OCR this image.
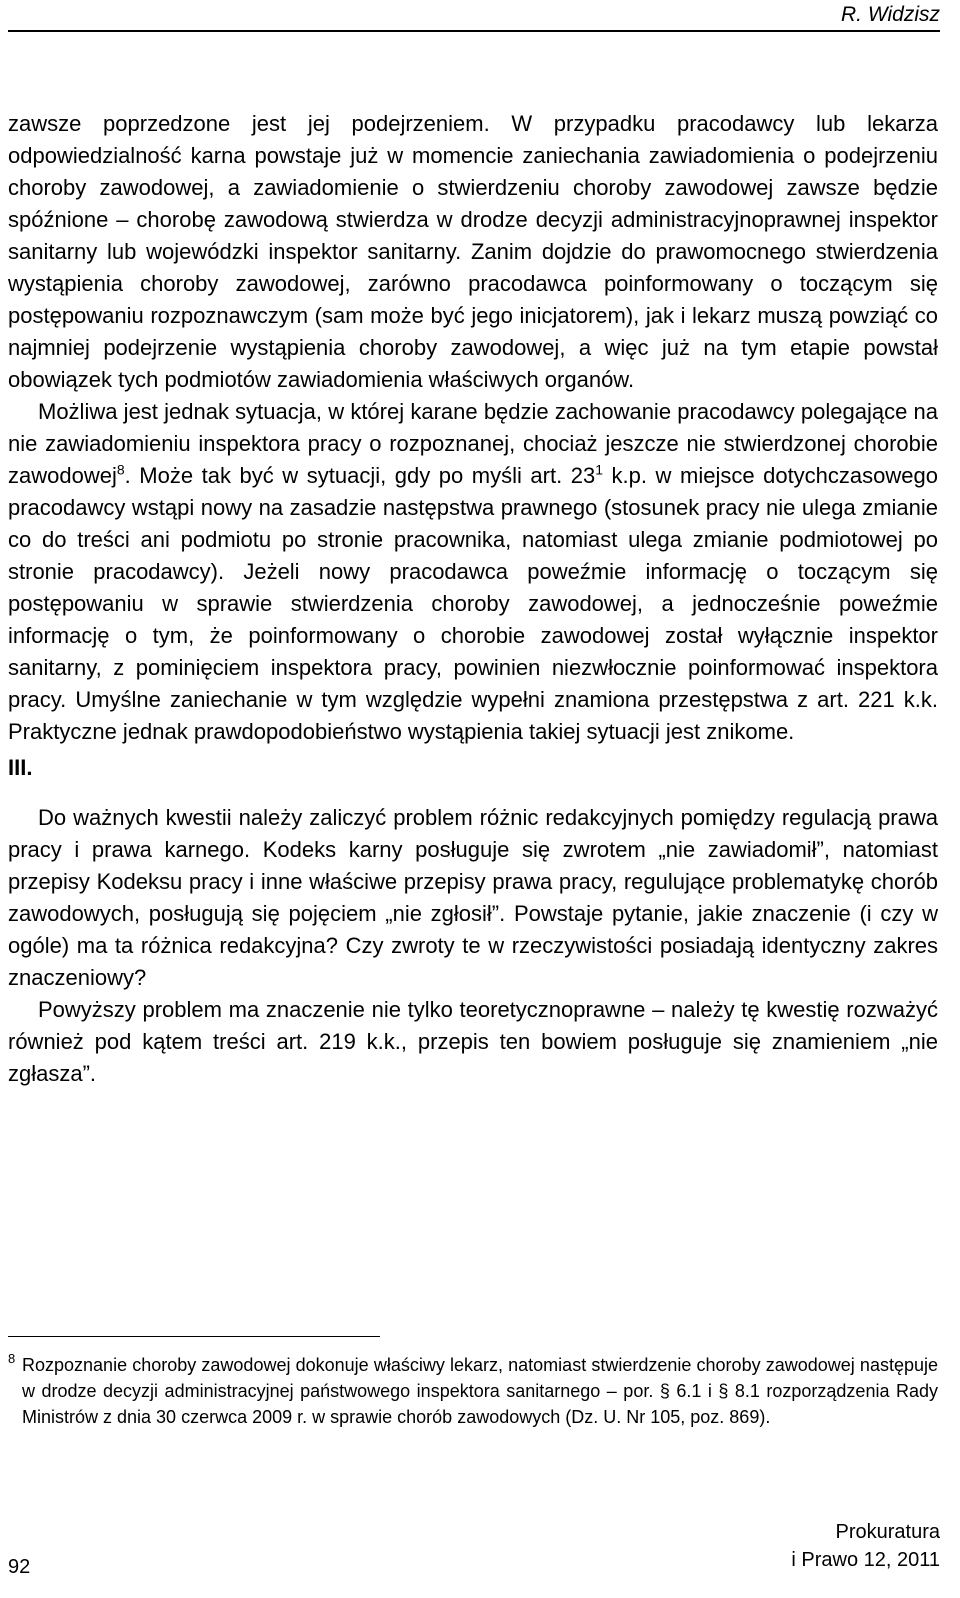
R. Widzisz

zawsze poprzedzone jest jej podejrzeniem. W przypadku pracodawcy lub lekarza odpowiedzialność karna powstaje już w momencie zaniechania zawiadomienia o podejrzeniu choroby zawodowej, a zawiadomienie o stwierdzeniu choroby zawodowej zawsze będzie spóźnione – chorobę zawodową stwierdza w drodze decyzji administracyjnoprawnej inspektor sanitarny lub wojewódzki inspektor sanitarny. Zanim dojdzie do prawomocnego stwierdzenia wystąpienia choroby zawodowej, zarówno pracodawca poinformowany o toczącym się postępowaniu rozpoznawczym (sam może być jego inicjatorem), jak i lekarz muszą powziąć co najmniej podejrzenie wystąpienia choroby zawodowej, a więc już na tym etapie powstał obowiązek tych podmiotów zawiadomienia właściwych organów.

Możliwa jest jednak sytuacja, w której karane będzie zachowanie pracodawcy polegające na nie zawiadomieniu inspektora pracy o rozpoznanej, chociaż jeszcze nie stwierdzonej chorobie zawodowej$^8$. Może tak być w sytuacji, gdy po myśli art. $23^1$ k.p. w miejsce dotychczasowego pracodawcy wstąpi nowy na zasadzie następstwa prawnego (stosunek pracy nie ulega zmianie co do treści ani podmiotu po stronie pracownika, natomiast ulega zmianie podmiotowej po stronie pracodawcy). Jeżeli nowy pracodawca poweźmie informację o toczącym się postępowaniu w sprawie stwierdzenia choroby zawodowej, a jednocześnie poweźmie informację o tym, że poinformowany o chorobie zawodowej został wyłącznie inspektor sanitarny, z pominięciem inspektora pracy, powinien niezwłocznie poinformować inspektora pracy. Umyślne zaniechanie w tym względzie wypełni znamiona przestępstwa z art. 221 k.k. Praktyczne jednak prawdopodobieństwo wystąpienia takiej sytuacji jest znikome.

III.

Do ważnych kwestii należy zaliczyć problem różnic redakcyjnych pomiędzy regulacją prawa pracy i prawa karnego. Kodeks karny posługuje się zwrotem „nie zawiadomił”, natomiast przepisy Kodeksu pracy i inne właściwe przepisy prawa pracy, regulujące problematykę chorób zawodowych, posługują się pojęciem „nie zgłosił”. Powstaje pytanie, jakie znaczenie (i czy w ogóle) ma ta różnica redakcyjna? Czy zwroty te w rzeczywistości posiadają identyczny zakres znaczeniowy?

Powyższy problem ma znaczenie nie tylko teoretycznoprawne – należy tę kwestię rozważyć również pod kątem treści art. 219 k.k., przepis ten bowiem posługuje się znamieniem „nie zgłasza”.

8 Rozpoznanie choroby zawodowej dokonuje właściwy lekarz, natomiast stwierdzenie choroby zawodowej następuje w drodze decyzji administracyjnej państwowego inspektora sanitarnego – por. § 6.1 i § 8.1 rozporządzenia Rady Ministrów z dnia 30 czerwca 2009 r. w sprawie chorób zawodowych (Dz. U. Nr 105, poz. 869).
92
Prokuratura
i Prawo 12, 2011
